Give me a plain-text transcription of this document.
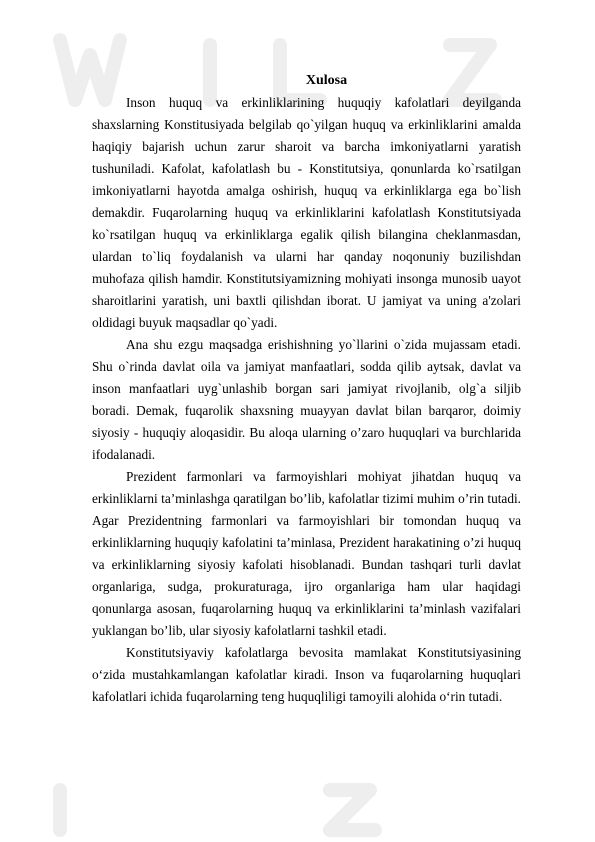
Xulosa

Inson huquq va erkinliklarining huquqiy kafolatlari deyilganda shaxslarning Konstitusiyada belgilab qo`yilgan huquq va erkinliklarini amalda haqiqiy bajarish uchun zarur sharoit va barcha imkoniyatlarni yaratish tushuniladi. Kafolat, kafolatlash bu - Konstitutsiya, qonunlarda ko`rsatilgan imkoniyatlarni hayotda amalga oshirish, huquq va erkinliklarga ega bo`lish demakdir. Fuqarolarning huquq va erkinliklarini kafolatlash Konstitutsiyada ko`rsatilgan huquq va erkinliklarga egalik qilish bilangina cheklanmasdan, ulardan to`liq foydalanish va ularni har qanday noqonuniy buzilishdan muhofaza qilish hamdir. Konstitutsiyamizning mohiyati insonga munosib uayot sharoitlarini yaratish, uni baxtli qilishdan iborat. U jamiyat va uning a'zolari oldidagi buyuk maqsadlar qo`yadi.

Ana shu ezgu maqsadga erishishning yo`llarini o`zida mujassam etadi. Shu o`rinda davlat oila va jamiyat manfaatlari, sodda qilib aytsak, davlat va inson manfaatlari uyg`unlashib borgan sari jamiyat rivojlanib, olg`a siljib boradi. Demak, fuqarolik shaxsning muayyan davlat bilan barqaror, doimiy siyosiy - huquqiy aloqasidir. Bu aloqa ularning o’zaro huquqlari va burchlarida ifodalanadi.

Prezident farmonlari va farmoyishlari mohiyat jihatdan huquq va erkinliklarni ta’minlashga qaratilgan bo’lib, kafolatlar tizimi muhim o’rin tutadi. Agar Prezidentning farmonlari va farmoyishlari bir tomondan huquq va erkinliklarning huquqiy kafolatini ta’minlasa, Prezident harakatining o’zi huquq va erkinliklarning siyosiy kafolati hisoblanadi. Bundan tashqari turli davlat organlariga, sudga, prokuraturaga, ijro organlariga ham ular haqidagi qonunlarga asosan, fuqarolarning huquq va erkinliklarini ta’minlash vazifalari yuklangan bo’lib, ular siyosiy kafolatlarni tashkil etadi.

Konstitutsiyaviy kafolatlarga bevosita mamlakat Konstitutsiyasining o‘zida mustahkamlangan kafolatlar kiradi. Inson va fuqarolarning huquqlari kafolatlari ichida fuqarolarning teng huquqliligi tamoyili alohida o‘rin tutadi.
